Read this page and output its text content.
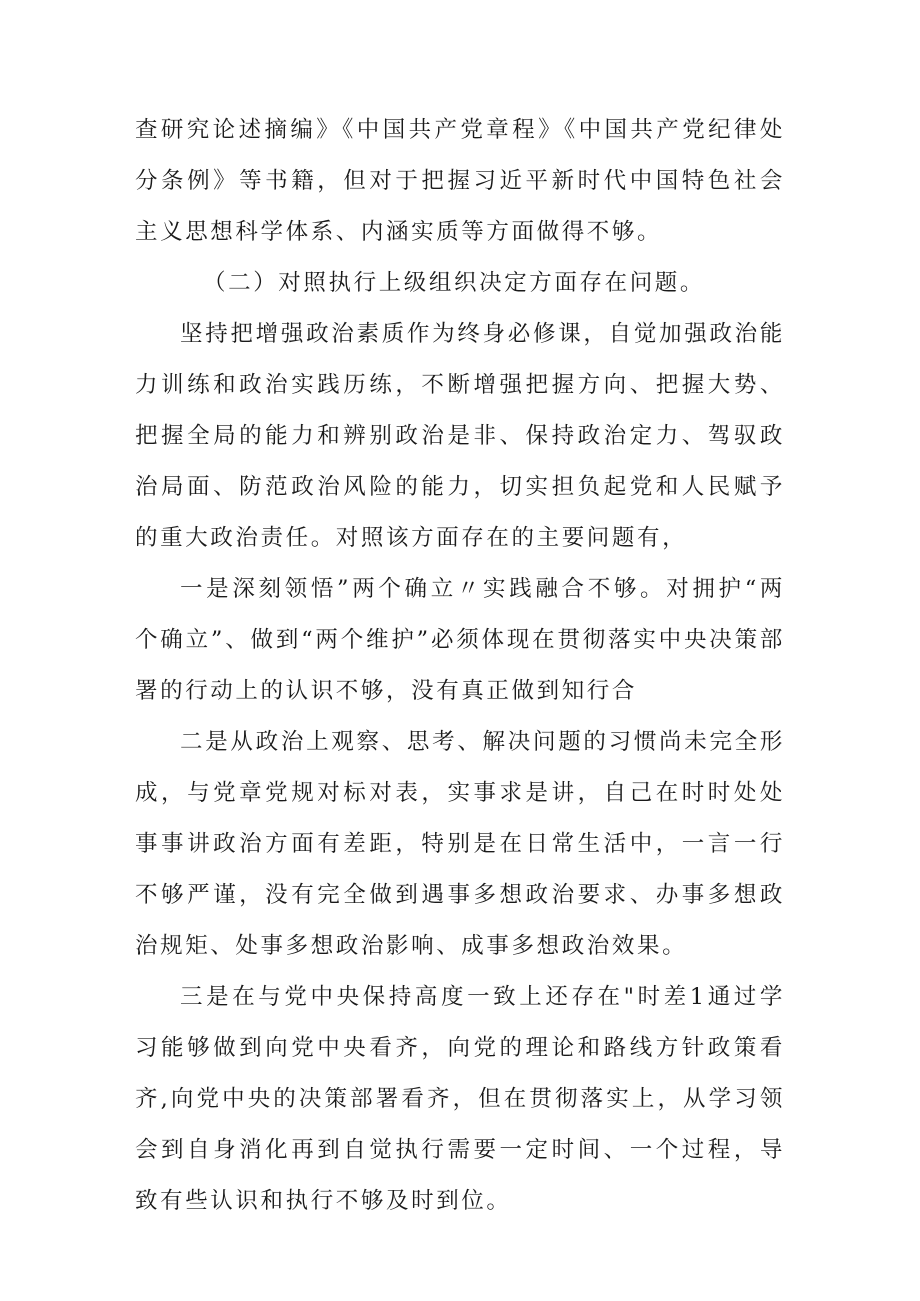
查研究论述摘编》《中国共产党章程》《中国共产党纪律处分条例》等书籍，但对于把握习近平新时代中国特色社会主义思想科学体系、内涵实质等方面做得不够。

（二）对照执行上级组织决定方面存在问题。

坚持把增强政治素质作为终身必修课，自觉加强政治能力训练和政治实践历练，不断增强把握方向、把握大势、把握全局的能力和辨别政治是非、保持政治定力、驾驭政治局面、防范政治风险的能力，切实担负起党和人民赋予的重大政治责任。对照该方面存在的主要问题有，

一是深刻领悟”两个确立〃实践融合不够。对拥护“两个确立”、做到“两个维护”必须体现在贯彻落实中央决策部署的行动上的认识不够，没有真正做到知行合

二是从政治上观察、思考、解决问题的习惯尚未完全形成，与党章党规对标对表，实事求是讲，自己在时时处处事事讲政治方面有差距，特别是在日常生活中，一言一行不够严谨，没有完全做到遇事多想政治要求、办事多想政治规矩、处事多想政治影响、成事多想政治效果。

三是在与党中央保持高度一致上还存在"时差1通过学习能够做到向党中央看齐，向党的理论和路线方针政策看齐,向党中央的决策部署看齐，但在贯彻落实上，从学习领会到自身消化再到自觉执行需要一定时间、一个过程，导致有些认识和执行不够及时到位。
